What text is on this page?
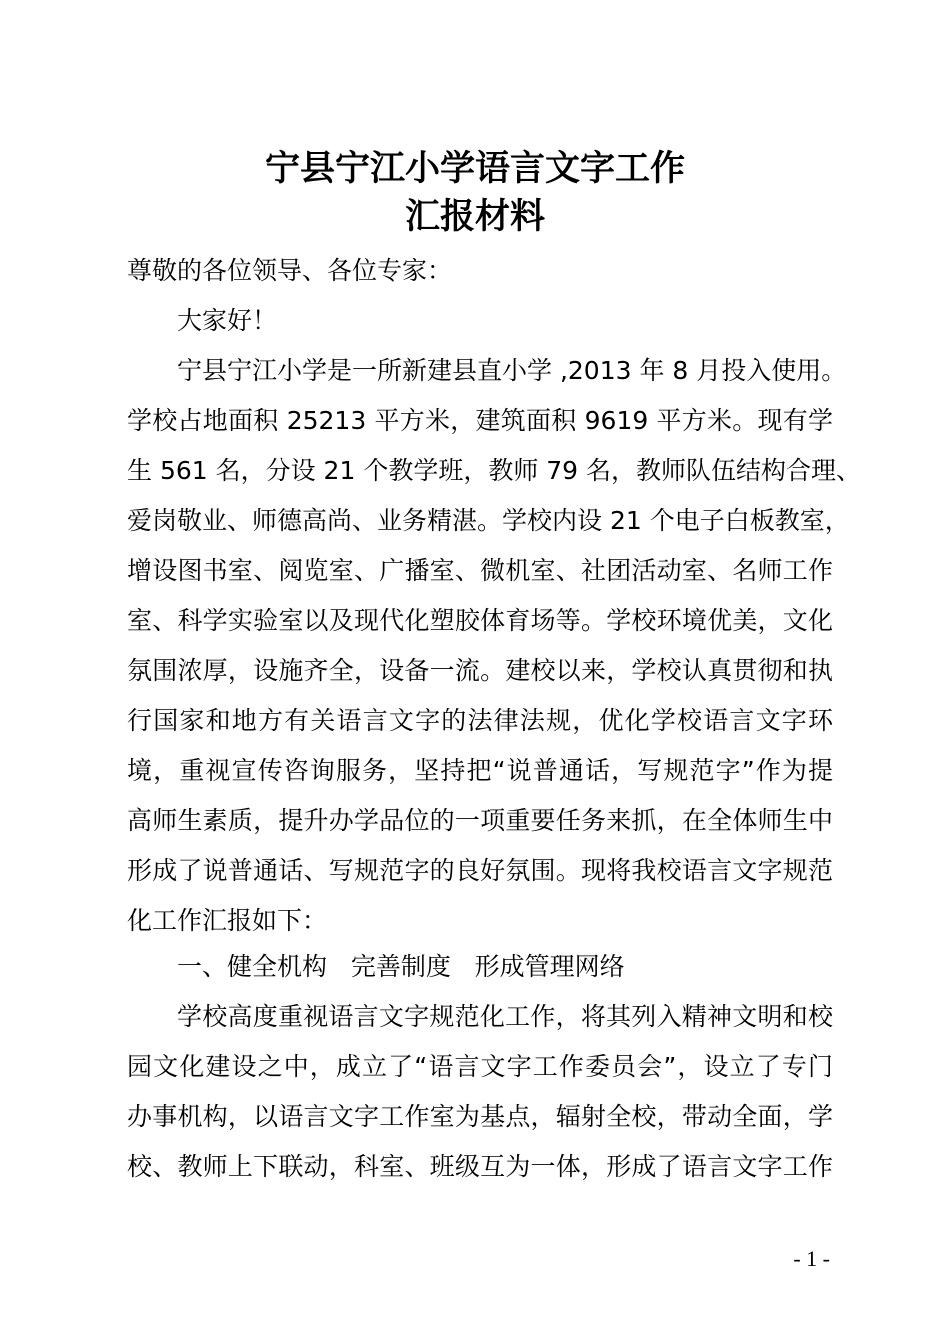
宁县宁江小学语言文字工作
汇报材料

尊敬的各位领导、各位专家：

大家好！

宁县宁江小学是一所新建县直小学 ,2013 年 8 月投入使用。
学校占地面积 25213 平方米，建筑面积 9619 平方米。现有学
生 561 名，分设 21 个教学班，教师 79 名，教师队伍结构合理、
爱岗敬业、师德高尚、业务精湛。学校内设 21 个电子白板教室，
增设图书室、阅览室、广播室、微机室、社团活动室、名师工作
室、科学实验室以及现代化塑胶体育场等。学校环境优美，文化
氛围浓厚，设施齐全，设备一流。建校以来，学校认真贯彻和执
行国家和地方有关语言文字的法律法规，优化学校语言文字环
境，重视宣传咨询服务，坚持把“说普通话，写规范字”作为提
高师生素质，提升办学品位的一项重要任务来抓，在全体师生中
形成了说普通话、写规范字的良好氛围。现将我校语言文字规范
化工作汇报如下：

一、健全机构   完善制度   形成管理网络

学校高度重视语言文字规范化工作，将其列入精神文明和校
园文化建设之中，成立了“语言文字工作委员会”，设立了专门
办事机构，以语言文字工作室为基点，辐射全校，带动全面，学
校、教师上下联动，科室、班级互为一体，形成了语言文字工作
- 1 -
